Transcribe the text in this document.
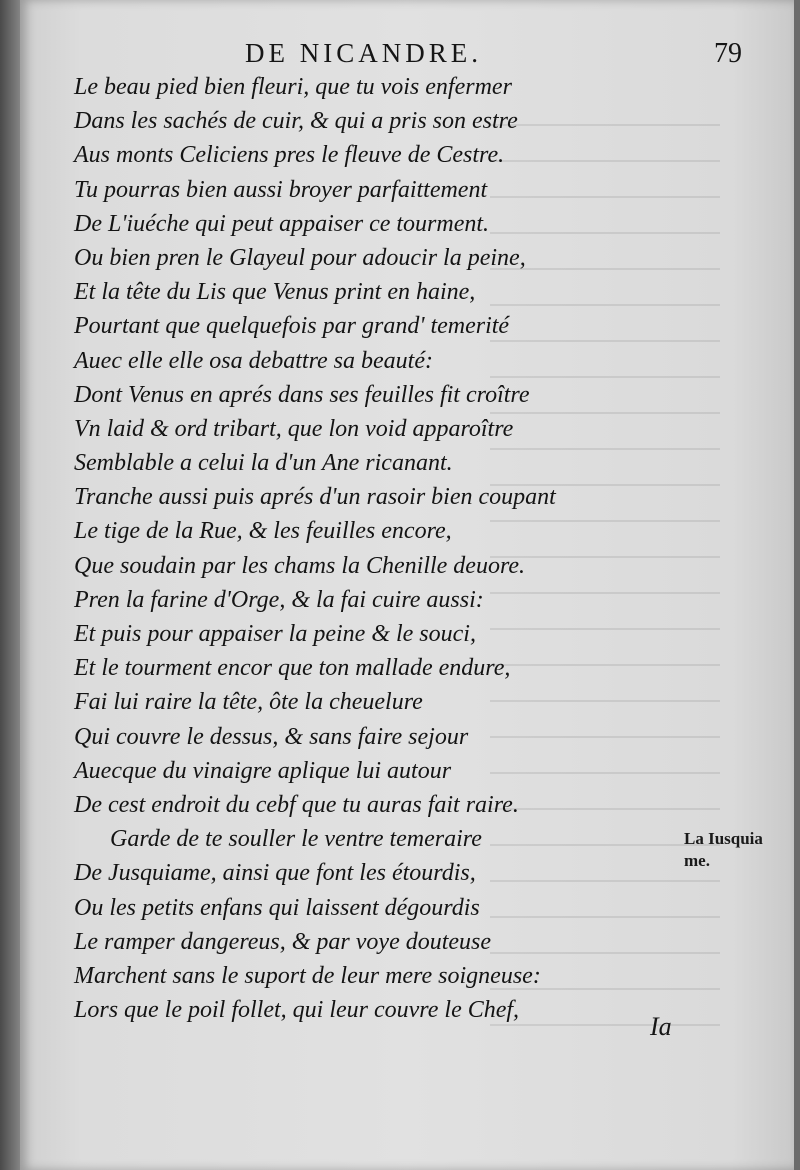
DE NICANDRE.	79
Le beau pied bien fleuri, que tu vois enfermer
Dans les sachés de cuir, & qui a pris son estre
Aus monts Celiciens pres le fleuve de Cestre.
Tu pourras bien aussi broyer parfaittement
De L'iuéche qui peut appaiser ce tourment.
Ou bien pren le Glayeul pour adoucir la peine,
Et la tête du Lis que Venus print en haine,
Pourtant que quelquefois par grand' temerité
Auec elle elle osa debattre sa beauté:
Dont Venus en aprés dans ses feuilles fit croître
Vn laid & ord tribart, que lon void apparoître
Semblable a celui la d'un Ane ricanant.
Tranche aussi puis aprés d'un rasoir bien coupant
Le tige de la Rue, & les feuilles encore,
Que soudain par les chams la Chenille deuore.
Pren la farine d'Orge, & la fai cuire aussi:
Et puis pour appaiser la peine & le souci,
Et le tourment encor que ton mallade endure,
Fai lui raire la tête, ôte la cheuelure
Qui couvre le dessus, & sans faire sejour
Auecque du vinaigre aplique lui autour
De cest endroit du cebf que tu auras fait raire.
Garde de te souller le ventre temeraire
De Jusquiame, ainsi que font les étourdis,
Ou les petits enfans qui laissent dégourdis
Le ramper dangereus, & par voye douteuse
Marchent sans le suport de leur mere soigneuse:
Lors que le poil follet, qui leur couvre le Chef,
La Iusquia
me.
Ia
